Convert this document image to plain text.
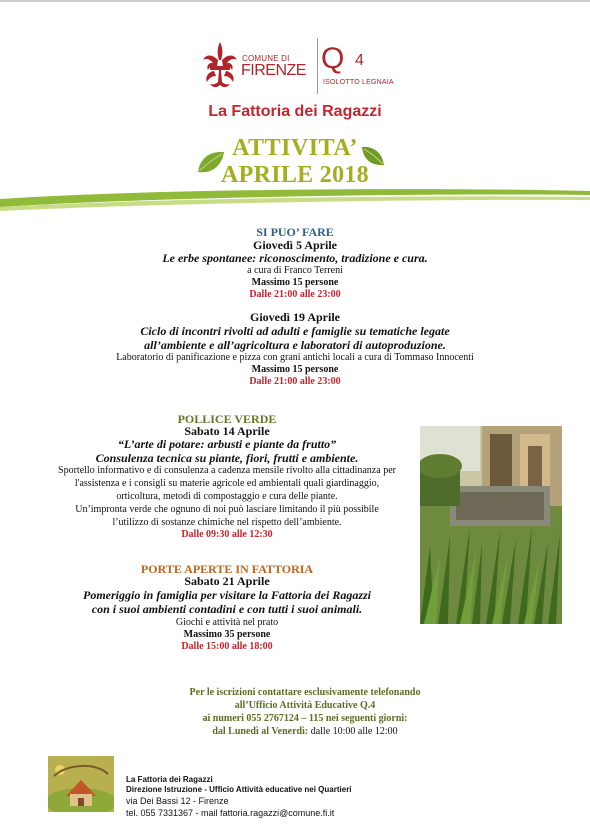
COMUNE DI
FIRENZE Q 4
ISOLOTTO LEGNAIA
La Fattoria dei Ragazzi
ATTIVITA’
APRILE 2018
SI PUO’ FARE
Giovedì 5 Aprile
Le erbe spontanee: riconoscimento, tradizione e cura.
a cura di Franco Terreni
Massimo 15 persone
Dalle 21:00 alle 23:00
Giovedì 19 Aprile
Ciclo di incontri rivolti ad adulti e famiglie su tematiche legate
all’ambiente e all’agricoltura e laboratori di autoproduzione.
Laboratorio di panificazione e pizza con grani antichi locali a cura di Tommaso Innocenti
Massimo 15 persone
Dalle 21:00 alle 23:00
POLLICE VERDE
Sabato 14 Aprile
“L’arte di potare: arbusti e piante da frutto”
Consulenza tecnica su piante, fiori, frutti e ambiente.
Sportello informativo e di consulenza a cadenza mensile rivolto alla cittadinanza per
l'assistenza e i consigli su materie agricole ed ambientali quali giardinaggio,
orticoltura, metodi di compostaggio e cura delle piante.
Un’impronta verde che ognuno di noi può lasciare limitando il più possibile
l’utilizzo di sostanze chimiche nel rispetto dell’ambiente.
Dalle 09:30 alle 12:30
PORTE APERTE IN FATTORIA
Sabato 21 Aprile
Pomeriggio in famiglia per visitare la Fattoria dei Ragazzi
con i suoi ambienti contadini e con tutti i suoi animali.
Giochi e attività nel prato
Massimo 35 persone
Dalle 15:00 alle 18:00
Per le iscrizioni contattare esclusivamente telefonando
all’Ufficio Attività Educative Q.4
ai numeri 055 2767124 – 115 nei seguenti giorni:
dal Lunedì al Venerdì: dalle 10:00 alle 12:00
La Fattoria dei Ragazzi
Direzione Istruzione - Ufficio Attività educative nei Quartieri
via Dei Bassi 12 - Firenze
tel. 055 7331367 - mail fattoria.ragazzi@comune.fi.it
